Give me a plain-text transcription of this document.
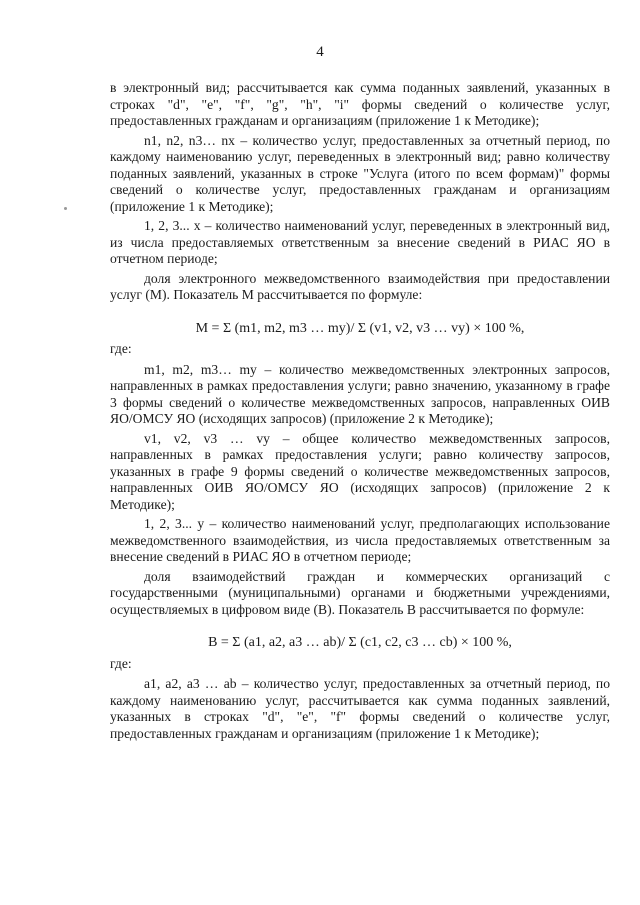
4

в электронный вид; рассчитывается как сумма поданных заявлений, указанных в строках "d", "e", "f", "g", "h", "i" формы сведений о количестве услуг, предоставленных гражданам и организациям (приложение 1 к Методике);

n1, n2, n3… nx – количество услуг, предоставленных за отчетный период, по каждому наименованию услуг, переведенных в электронный вид; равно количеству поданных заявлений, указанных в строке "Услуга (итого по всем формам)" формы сведений о количестве услуг, предоставленных гражданам и организациям (приложение 1 к Методике);

1, 2, 3... x – количество наименований услуг, переведенных в электронный вид, из числа предоставляемых ответственным за внесение сведений в РИАС ЯО в отчетном периоде;

доля электронного межведомственного взаимодействия при предоставлении услуг (М). Показатель М рассчитывается по формуле:

M = Σ (m1, m2, m3 … my)/ Σ (v1, v2, v3 … vy) × 100 %,
где:

m1, m2, m3… my – количество межведомственных электронных запросов, направленных в рамках предоставления услуги; равно значению, указанному в графе 3 формы сведений о количестве межведомственных запросов, направленных ОИВ ЯО/ОМСУ ЯО (исходящих запросов) (приложение 2 к Методике);

v1, v2, v3 … vy – общее количество межведомственных запросов, направленных в рамках предоставления услуги; равно количеству запросов, указанных в графе 9 формы сведений о количестве межведомственных запросов, направленных ОИВ ЯО/ОМСУ ЯО (исходящих запросов) (приложение 2 к Методике);

1, 2, 3... y – количество наименований услуг, предполагающих использование межведомственного взаимодействия, из числа предоставляемых ответственным за внесение сведений в РИАС ЯО в отчетном периоде;

доля взаимодействий граждан и коммерческих организаций с государственными (муниципальными) органами и бюджетными учреждениями, осуществляемых в цифровом виде (В). Показатель В рассчитывается по формуле:

В = Σ (a1, a2, a3 … ab)/ Σ (c1, c2, c3 … cb) × 100 %,
где:

a1, a2, a3 … ab – количество услуг, предоставленных за отчетный период, по каждому наименованию услуг, рассчитывается как сумма поданных заявлений, указанных в строках "d", "e", "f" формы сведений о количестве услуг, предоставленных гражданам и организациям (приложение 1 к Методике);
